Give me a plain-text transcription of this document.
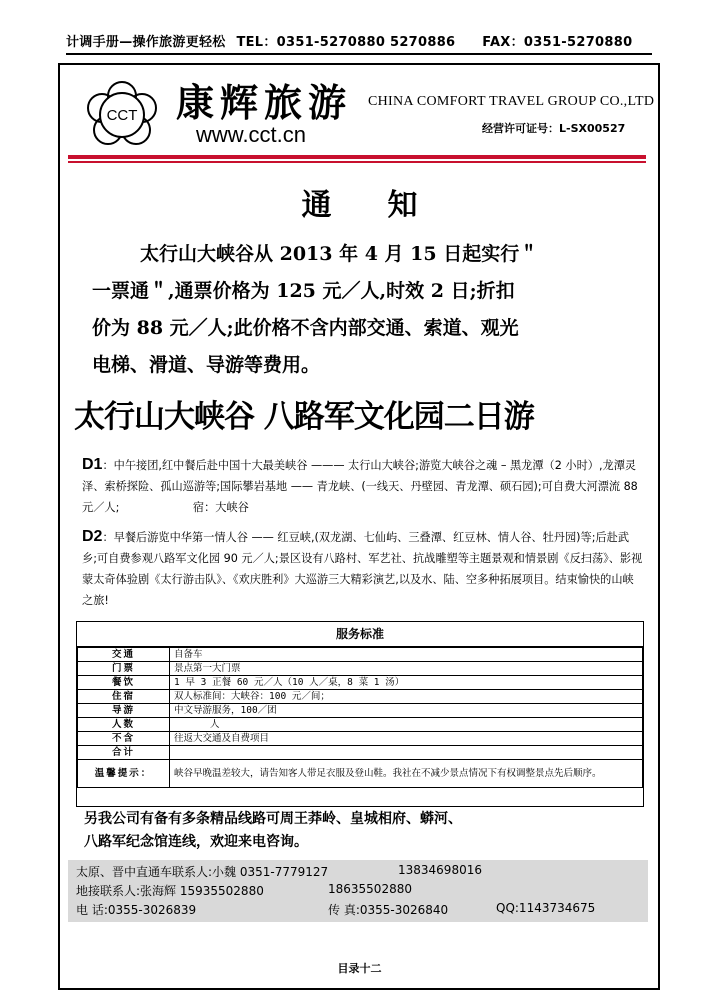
计调手册—操作旅游更轻松 TEL：0351-5270880 5270886 FAX：0351-5270880
CCT 康辉旅游
www.cct.cn
CHINA COMFORT TRAVEL GROUP CO.,LTD
经营许可证号：L-SX00527
通知
太行山大峡谷从 2013 年 4 月 15 日起实行＂
一票通＂,通票价格为 125 元／人,时效 2 日;折扣
价为 88 元／人;此价格不含内部交通、索道、观光
电梯、滑道、导游等费用。
太行山大峡谷 八路军文化园二日游
D1：中午接团,红中餐后赴中国十大最美峡谷 ——— 太行山大峡谷;游览大峡谷之魂 – 黑龙潭（2 小时）,龙潭灵泽、索桥探险、孤山巡游等;国际攀岩基地 —— 青龙峡、(一线天、丹壁园、青龙潭、硕石园);可自费大河漂流 88 元／人;	宿：大峡谷
D2：早餐后游览中华第一情人谷 —— 红豆峡,(双龙湖、七仙屿、三叠潭、红豆林、情人谷、牡丹园)等;后赴武乡;可自费参观八路军文化园 90 元／人;景区设有八路村、军艺社、抗战雕塑等主题景观和情景剧《反扫荡》、影视蒙太奇体验剧《太行游击队》、《欢庆胜利》大巡游三大精彩演艺,以及水、陆、空多种拓展项目。结束愉快的山峡之旅!
服务标准
交通	自备车
门票	景点第一大门票
餐饮	1 早 3 正餐 60 元／人（10 人／桌，8 菜 1 汤）
住宿	双人标准间：大峡谷：100 元／间；
导游	中文导游服务，100／团
人数	人
不含	往返大交通及自费项目
合计	
温馨提示：	峡谷早晚温差较大，请告知客人带足衣服及登山鞋。我社在不减少景点情况下有权调整景点先后顺序。
另我公司有备有多条精品线路可周王莽岭、皇城相府、蟒河、
八路军纪念馆连线，欢迎来电咨询。
太原、晋中直通车联系人:小魏 0351-7779127	13834698016
地接联系人:张海辉 15935502880	18635502880
电 话:0355-3026839	传 真:0355-3026840	QQ:1143734675
目录十二
